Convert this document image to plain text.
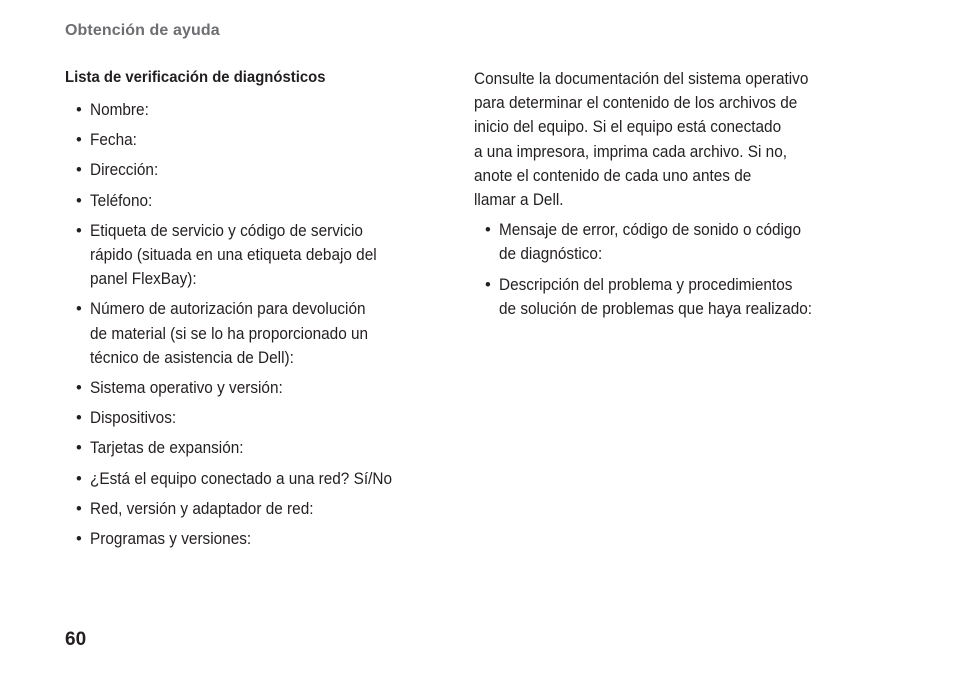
Obtención de ayuda
Lista de verificación de diagnósticos
• Nombre:
• Fecha:
• Dirección:
• Teléfono:
• Etiqueta de servicio y código de servicio
rápido (situada en una etiqueta debajo del
panel FlexBay):
• Número de autorización para devolución
de material (si se lo ha proporcionado un
técnico de asistencia de Dell):
• Sistema operativo y versión:
• Dispositivos:
• Tarjetas de expansión:
• ¿Está el equipo conectado a una red? Sí/No
• Red, versión y adaptador de red:
• Programas y versiones:
Consulte la documentación del sistema operativo
para determinar el contenido de los archivos de
inicio del equipo. Si el equipo está conectado
a una impresora, imprima cada archivo. Si no,
anote el contenido de cada uno antes de
llamar a Dell.
• Mensaje de error, código de sonido o código
de diagnóstico:
• Descripción del problema y procedimientos
de solución de problemas que haya realizado:
60
